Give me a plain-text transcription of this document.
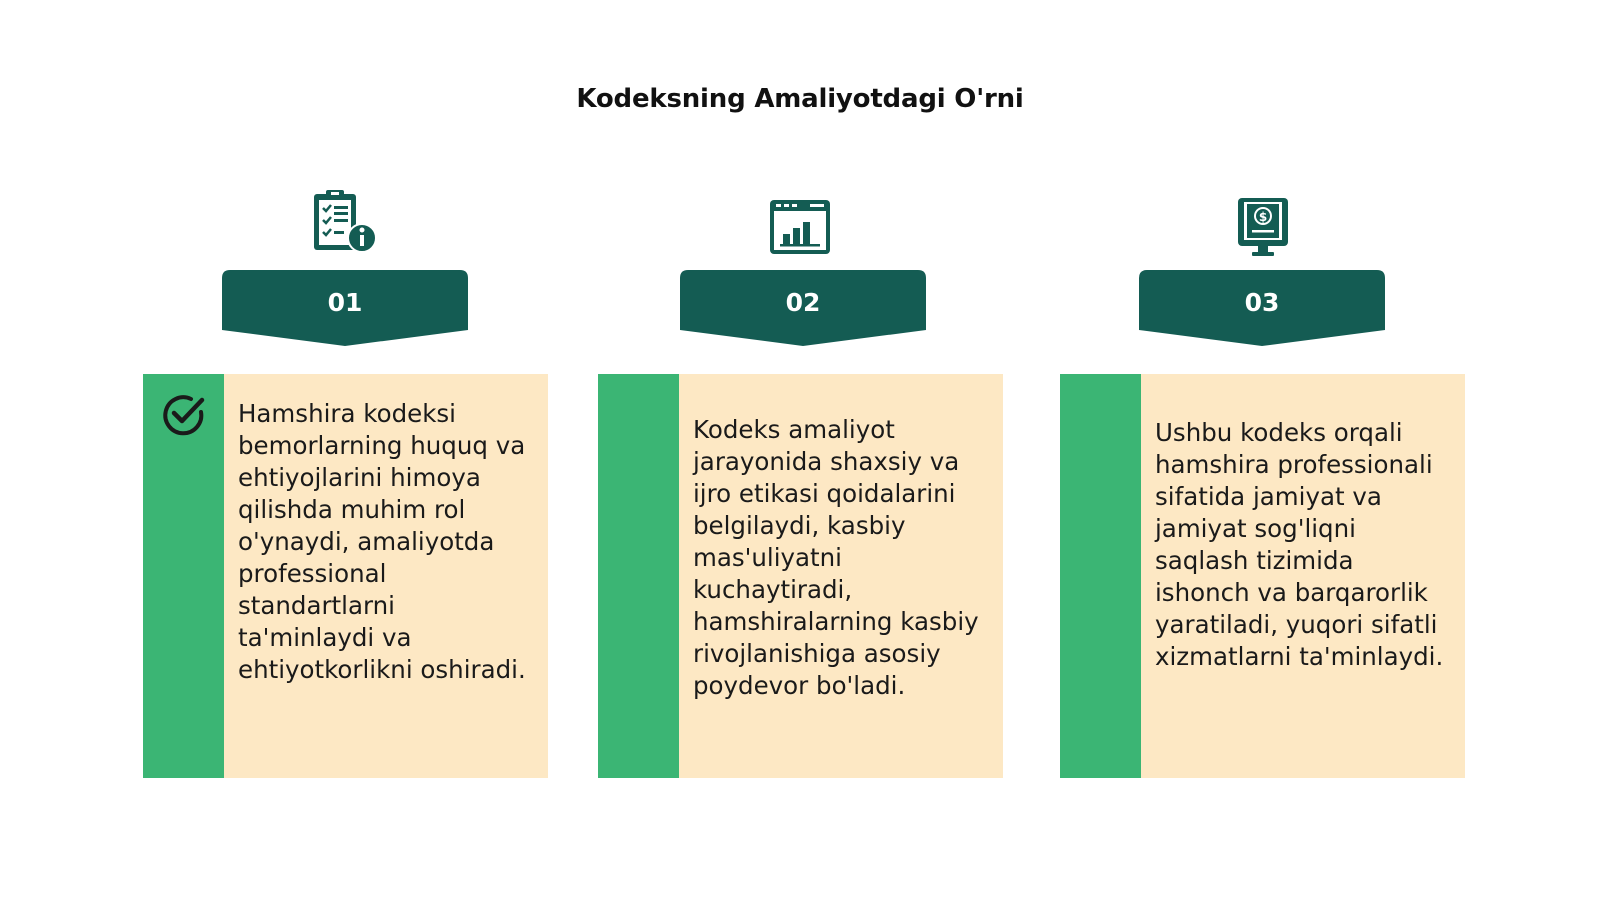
Kodeksning Amaliyotdagi O'rni
$
01	02	03
Hamshira kodeksi bemorlarning huquq va ehtiyojlarini himoya qilishda muhim rol o'ynaydi, amaliyotda professional standartlarni ta'minlaydi va ehtiyotkorlikni oshiradi.
Kodeks amaliyot jarayonida shaxsiy va ijro etikasi qoidalarini belgilaydi, kasbiy mas'uliyatni kuchaytiradi, hamshiralarning kasbiy rivojlanishiga asosiy poydevor bo'ladi.
Ushbu kodeks orqali hamshira professionali sifatida jamiyat va jamiyat sog'liqni saqlash tizimida ishonch va barqarorlik yaratiladi, yuqori sifatli xizmatlarni ta'minlaydi.
